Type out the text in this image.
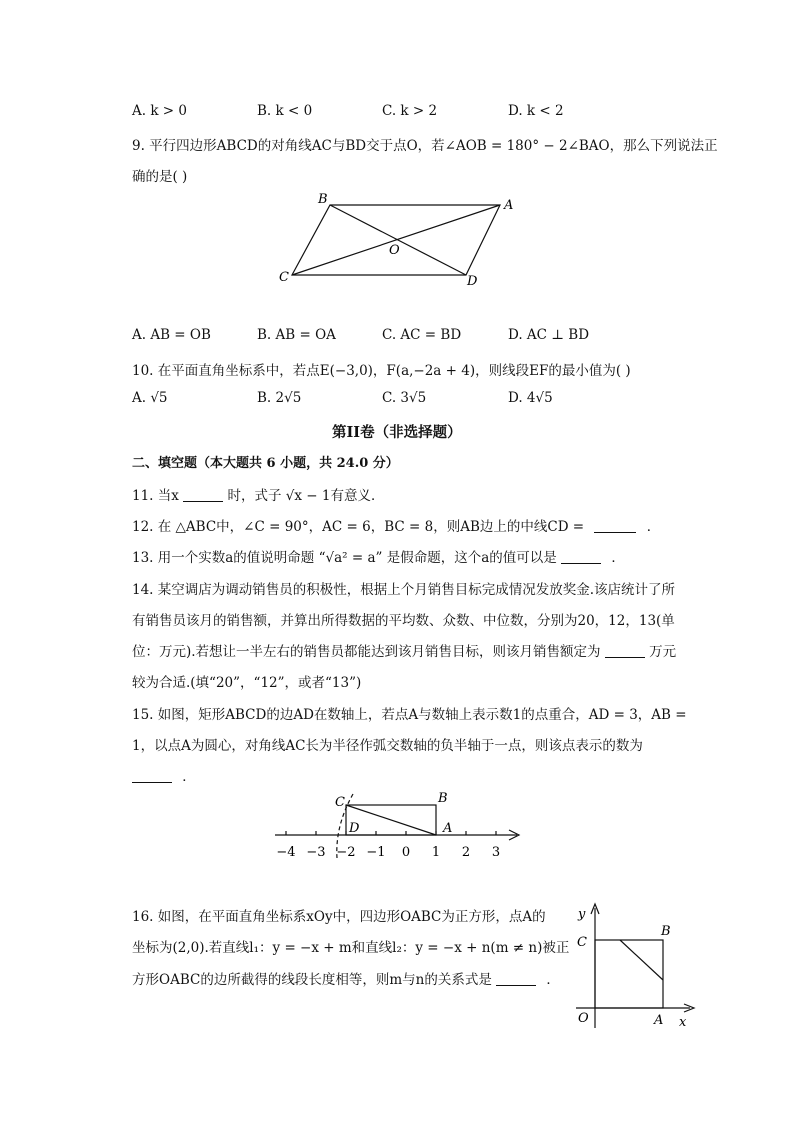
A. k > 0	B. k < 0	C. k > 2	D. k < 2
9. 平行四边形ABCD的对角线AC与BD交于点O，若∠AOB = 180° − 2∠BAO，那么下列说法正
确的是( )
B	A
O
C	D
A. AB = OB	B. AB = OA	C. AC = BD	D. AC ⊥ BD
10. 在平面直角坐标系中，若点E(−3,0)，F(a,−2a + 4)，则线段EF的最小值为( )
A. √5	B. 2√5	C. 3√5	D. 4√5
第II卷（非选择题）
二、填空题（本大题共 6 小题，共 24.0 分）
11. 当x	时，式子 √x − 1有意义．
12. 在 △ABC中，∠C = 90°，AC = 6，BC = 8，则AB边上的中线CD =	．
13. 用一个实数a的值说明命题 “√a² = a” 是假命题，这个a的值可以是	．
14. 某空调店为调动销售员的积极性，根据上个月销售目标完成情况发放奖金.该店统计了所
有销售员该月的销售额，并算出所得数据的平均数、众数、中位数，分别为20，12，13(单
位：万元).若想让一半左右的销售员都能达到该月销售目标，则该月销售额定为	万元
较为合适.(填“20”，“12”，或者“13”)
15. 如图，矩形ABCD的边AD在数轴上，若点A与数轴上表示数1的点重合，AD = 3，AB =
1，以点A为圆心，对角线AC长为半径作弧交数轴的负半轴于一点，则该点表示的数为
．
C	B
D	A
−4 −3 −2 −1 0 1 2 3
16. 如图，在平面直角坐标系xOy中，四边形OABC为正方形，点A的
坐标为(2,0).若直线l₁：y = −x + m和直线l₂：y = −x + n(m ≠ n)被正
方形OABC的边所截得的线段长度相等，则m与n的关系式是	．
y
C
B
O	A x
